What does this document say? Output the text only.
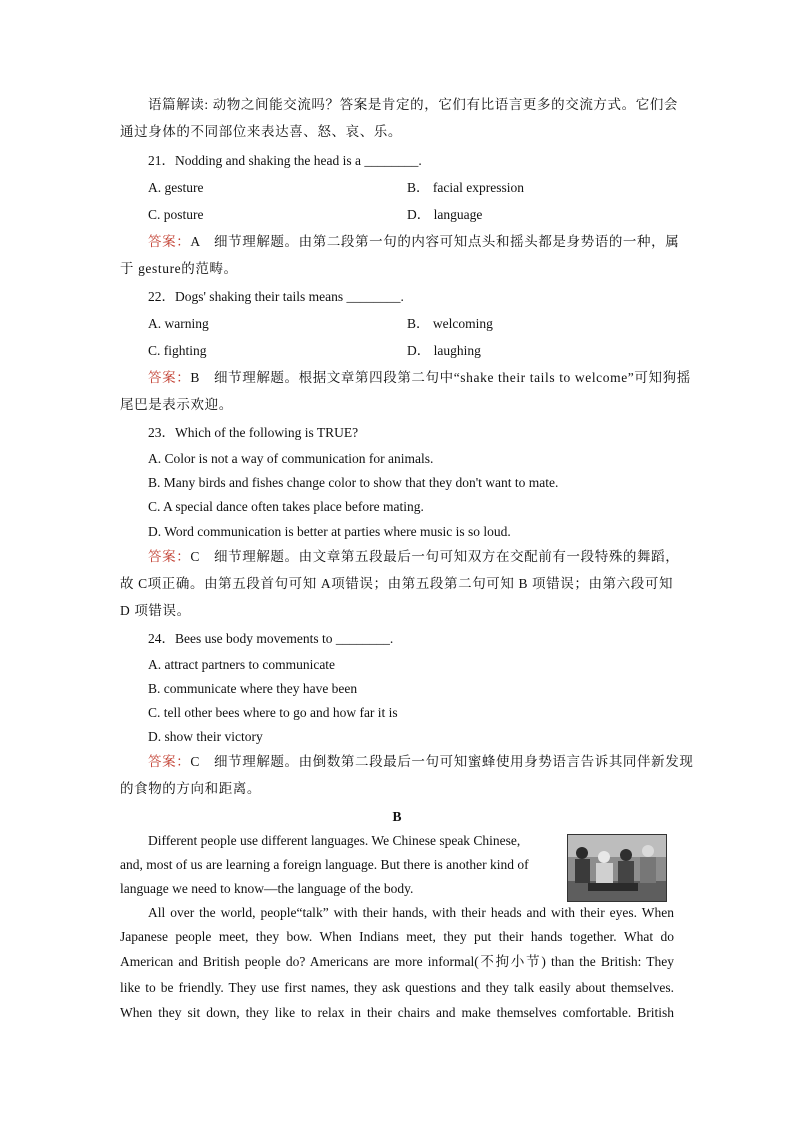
语篇解读: 动物之间能交流吗？答案是肯定的，它们有比语言更多的交流方式。它们会
通过身体的不同部位来表达喜、怒、哀、乐。
21．Nodding and shaking the head is a ________.
A. gesture	B． facial expression
C. posture	D． language
答案：A　细节理解题。由第二段第一句的内容可知点头和摇头都是身势语的一种，属
于 gesture的范畴。
22．Dogs' shaking their tails means ________.
A. warning	B． welcoming
C. fighting	D． laughing
答案：B　细节理解题。根据文章第四段第二句中“shake their tails to welcome”可知狗摇
尾巴是表示欢迎。
23．Which of the following is TRUE?
A. Color is not a way of communication for animals.
B. Many birds and fishes change color to show that they don't want to mate.
C. A special dance often takes place before mating.
D. Word communication is better at parties where music is so loud.
答案：C　细节理解题。由文章第五段最后一句可知双方在交配前有一段特殊的舞蹈，
故 C项正确。由第五段首句可知 A项错误；由第五段第二句可知 B 项错误；由第六段可知
D 项错误。
24．Bees use body movements to ________.
A. attract partners to communicate
B. communicate where they have been
C. tell other bees where to go and how far it is
D. show their victory
答案：C　细节理解题。由倒数第二段最后一句可知蜜蜂使用身势语言告诉其同伴新发现
的食物的方向和距离。
B
Different people use different languages. We Chinese speak Chinese,
and, most of us are learning a foreign language. But there is another kind of
language we need to know—the language of the body.
All over the world, people“talk” with their hands, with their heads and with their eyes. When
Japanese people meet, they bow. When Indians meet, they put their hands together. What do
American and British people do? Americans are more informal(不拘小节) than the British: They
like to be friendly. They use first names, they ask questions and they talk easily about themselves.
When they sit down, they like to relax in their chairs and make themselves comfortable. British
